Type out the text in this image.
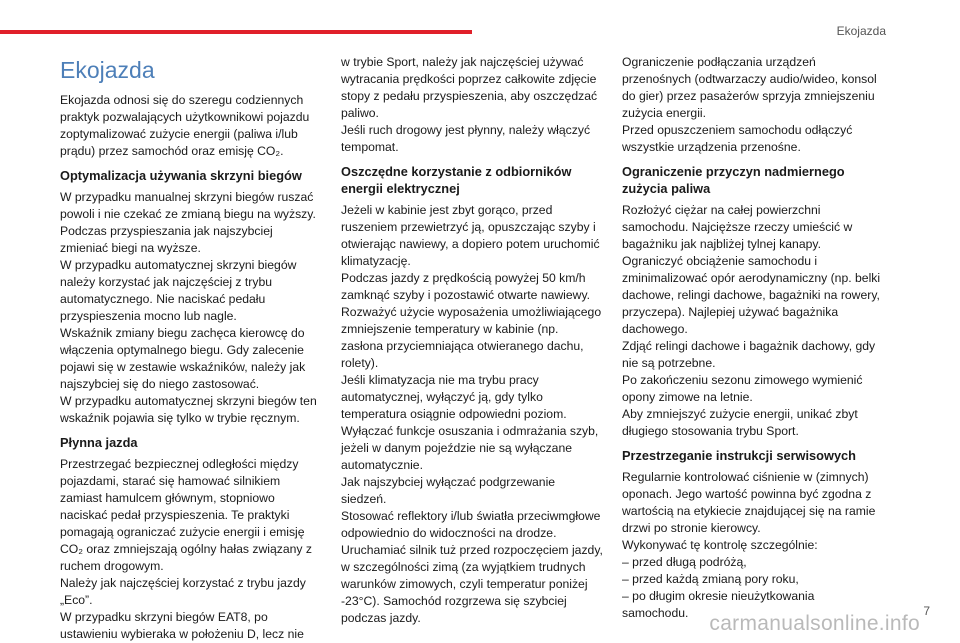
Ekojazda
Ekojazda

Ekojazda odnosi się do szeregu codziennych praktyk pozwalających użytkownikowi pojazdu zoptymalizować zużycie energii (paliwa i/lub prądu) przez samochód oraz emisję CO₂.

Optymalizacja używania skrzyni biegów

W przypadku manualnej skrzyni biegów ruszać powoli i nie czekać ze zmianą biegu na wyższy. Podczas przyspieszania jak najszybciej zmieniać biegi na wyższe.
W przypadku automatycznej skrzyni biegów należy korzystać jak najczęściej z trybu automatycznego. Nie naciskać pedału przyspieszenia mocno lub nagle.
Wskaźnik zmiany biegu zachęca kierowcę do włączenia optymalnego biegu. Gdy zalecenie pojawi się w zestawie wskaźników, należy jak najszybciej się do niego zastosować.
W przypadku automatycznej skrzyni biegów ten wskaźnik pojawia się tylko w trybie ręcznym.

Płynna jazda

Przestrzegać bezpiecznej odległości między pojazdami, starać się hamować silnikiem zamiast hamulcem głównym, stopniowo naciskać pedał przyspieszenia. Te praktyki pomagają ograniczać zużycie energii i emisję CO₂ oraz zmniejszają ogólny hałas związany z ruchem drogowym.
Należy jak najczęściej korzystać z trybu jazdy „Eco”.
W przypadku skrzyni biegów EAT8, po ustawieniu wybieraka w położeniu D, lecz nie

w trybie Sport, należy jak najczęściej używać wytracania prędkości poprzez całkowite zdjęcie stopy z pedału przyspieszenia, aby oszczędzać paliwo.
Jeśli ruch drogowy jest płynny, należy włączyć tempomat.

Oszczędne korzystanie z odbiorników energii elektrycznej

Jeżeli w kabinie jest zbyt gorąco, przed ruszeniem przewietrzyć ją, opuszczając szyby i otwierając nawiewy, a dopiero potem uruchomić klimatyzację.
Podczas jazdy z prędkością powyżej 50 km/h zamknąć szyby i pozostawić otwarte nawiewy.
Rozważyć użycie wyposażenia umożliwiającego zmniejszenie temperatury w kabinie (np. zasłona przyciemniająca otwieranego dachu, rolety).
Jeśli klimatyzacja nie ma trybu pracy automatycznej, wyłączyć ją, gdy tylko temperatura osiągnie odpowiedni poziom.
Wyłączać funkcje osuszania i odmrażania szyb, jeżeli w danym pojeździe nie są wyłączane automatycznie.
Jak najszybciej wyłączać podgrzewanie siedzeń.
Stosować reflektory i/lub światła przeciwmgłowe odpowiednio do widoczności na drodze.
Uruchamiać silnik tuż przed rozpoczęciem jazdy, w szczególności zimą (za wyjątkiem trudnych warunków zimowych, czyli temperatur poniżej -23°C). Samochód rozgrzewa się szybciej podczas jazdy.

Ograniczenie podłączania urządzeń przenośnych (odtwarzaczy audio/wideo, konsol do gier) przez pasażerów sprzyja zmniejszeniu zużycia energii.
Przed opuszczeniem samochodu odłączyć wszystkie urządzenia przenośne.

Ograniczenie przyczyn nadmiernego zużycia paliwa

Rozłożyć ciężar na całej powierzchni samochodu. Najcięższe rzeczy umieścić w bagażniku jak najbliżej tylnej kanapy.
Ograniczyć obciążenie samochodu i zminimalizować opór aerodynamiczny (np. belki dachowe, relingi dachowe, bagażniki na rowery, przyczepa). Najlepiej używać bagażnika dachowego.
Zdjąć relingi dachowe i bagażnik dachowy, gdy nie są potrzebne.
Po zakończeniu sezonu zimowego wymienić opony zimowe na letnie.
Aby zmniejszyć zużycie energii, unikać zbyt długiego stosowania trybu Sport.

Przestrzeganie instrukcji serwisowych

Regularnie kontrolować ciśnienie w (zimnych) oponach. Jego wartość powinna być zgodna z wartością na etykiecie znajdującej się na ramie drzwi po stronie kierowcy.
Wykonywać tę kontrolę szczególnie:
– przed długą podróżą,
– przed każdą zmianą pory roku,
– po długim okresie nieużytkowania samochodu.	7
carmanualsonline.info
